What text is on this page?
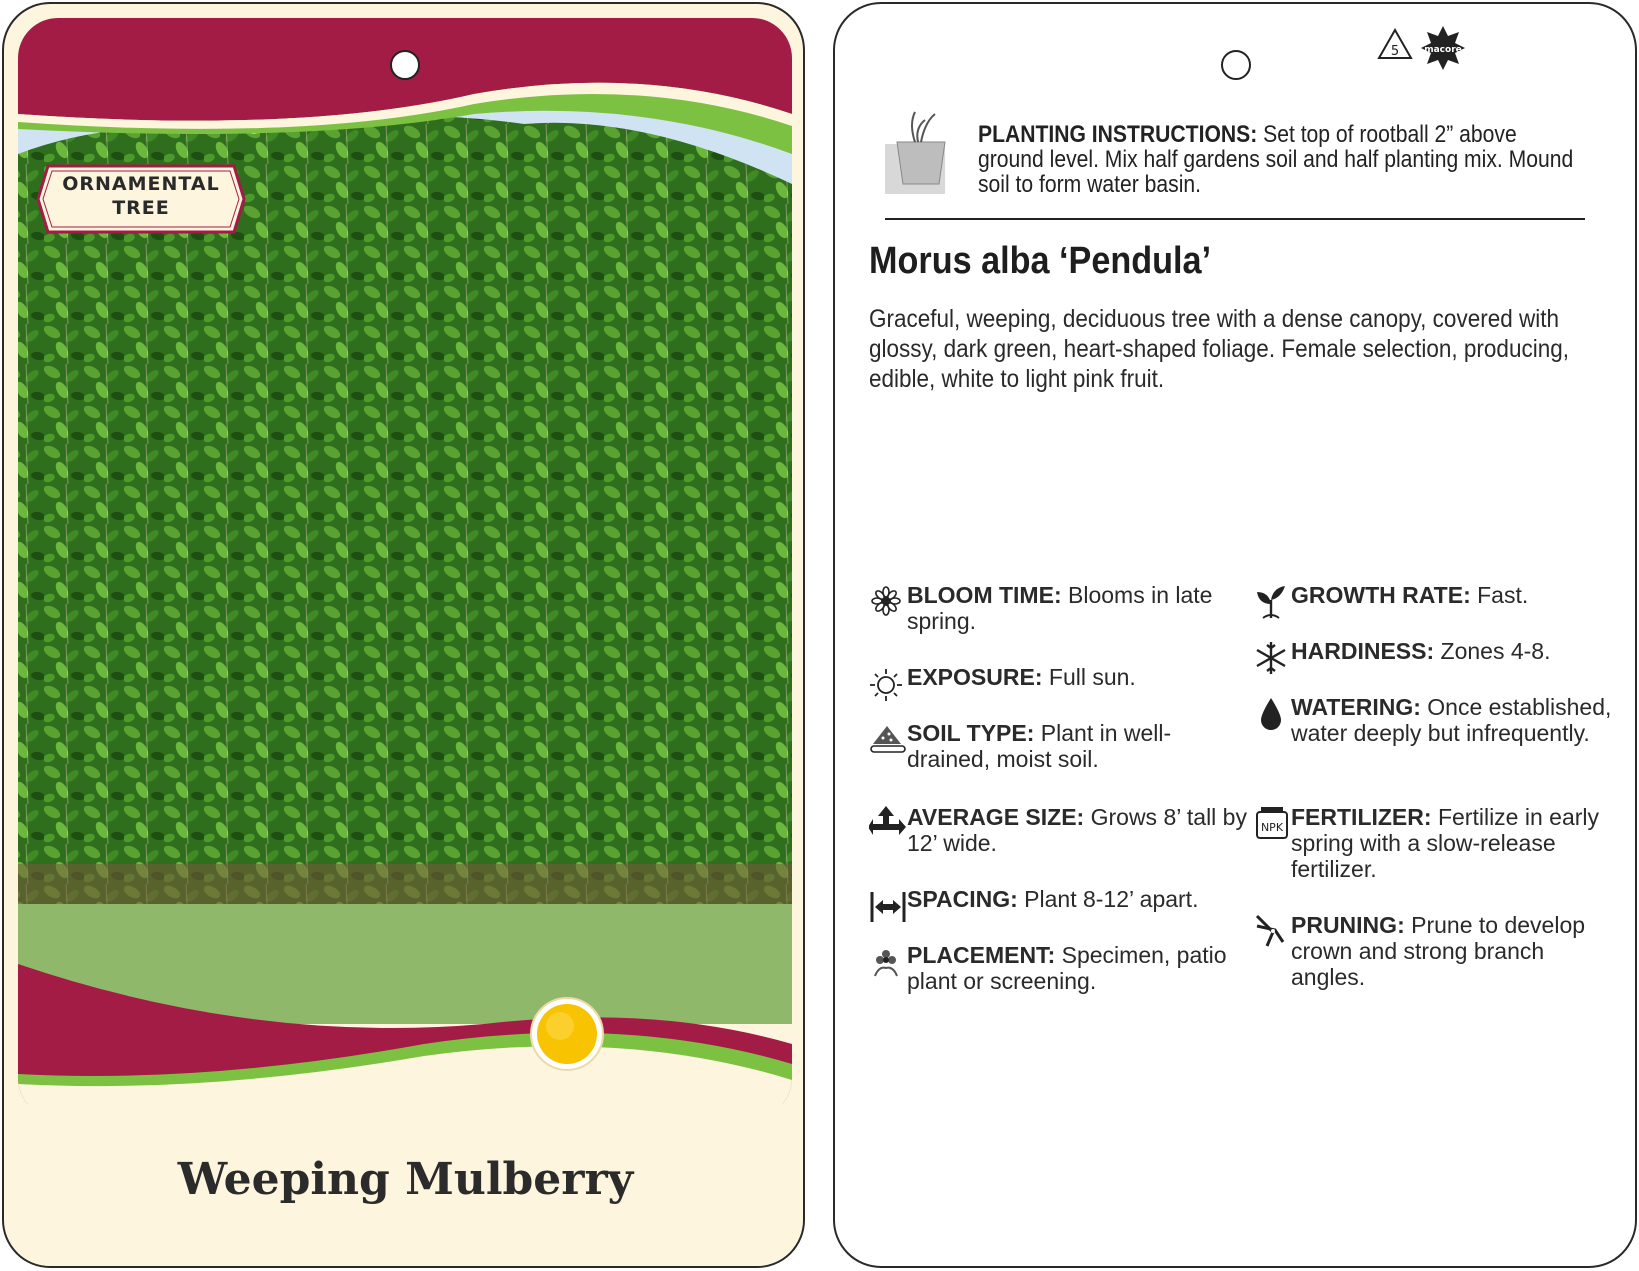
ORNAMENTAL
TREE
Weeping Mulberry
5	macore
PLANTING INSTRUCTIONS: Set top of rootball 2” above ground level. Mix half gardens soil and half planting mix. Mound soil to form water basin.
Morus alba ‘Pendula’
Graceful, weeping, deciduous tree with a dense canopy, covered with glossy, dark green, heart-shaped foliage. Female selection, producing, edible, white to light pink fruit.
BLOOM TIME: Blooms in late spring.
EXPOSURE: Full sun.
SOIL TYPE: Plant in well-drained, moist soil.
AVERAGE SIZE: Grows 8’ tall by 12’ wide.
SPACING: Plant 8-12’ apart.
PLACEMENT: Specimen, patio plant or screening.
GROWTH RATE: Fast.
HARDINESS: Zones 4-8.
WATERING: Once established, water deeply but infrequently.
NPK FERTILIZER: Fertilize in early spring with a slow-release fertilizer.
PRUNING: Prune to develop crown and strong branch angles.
